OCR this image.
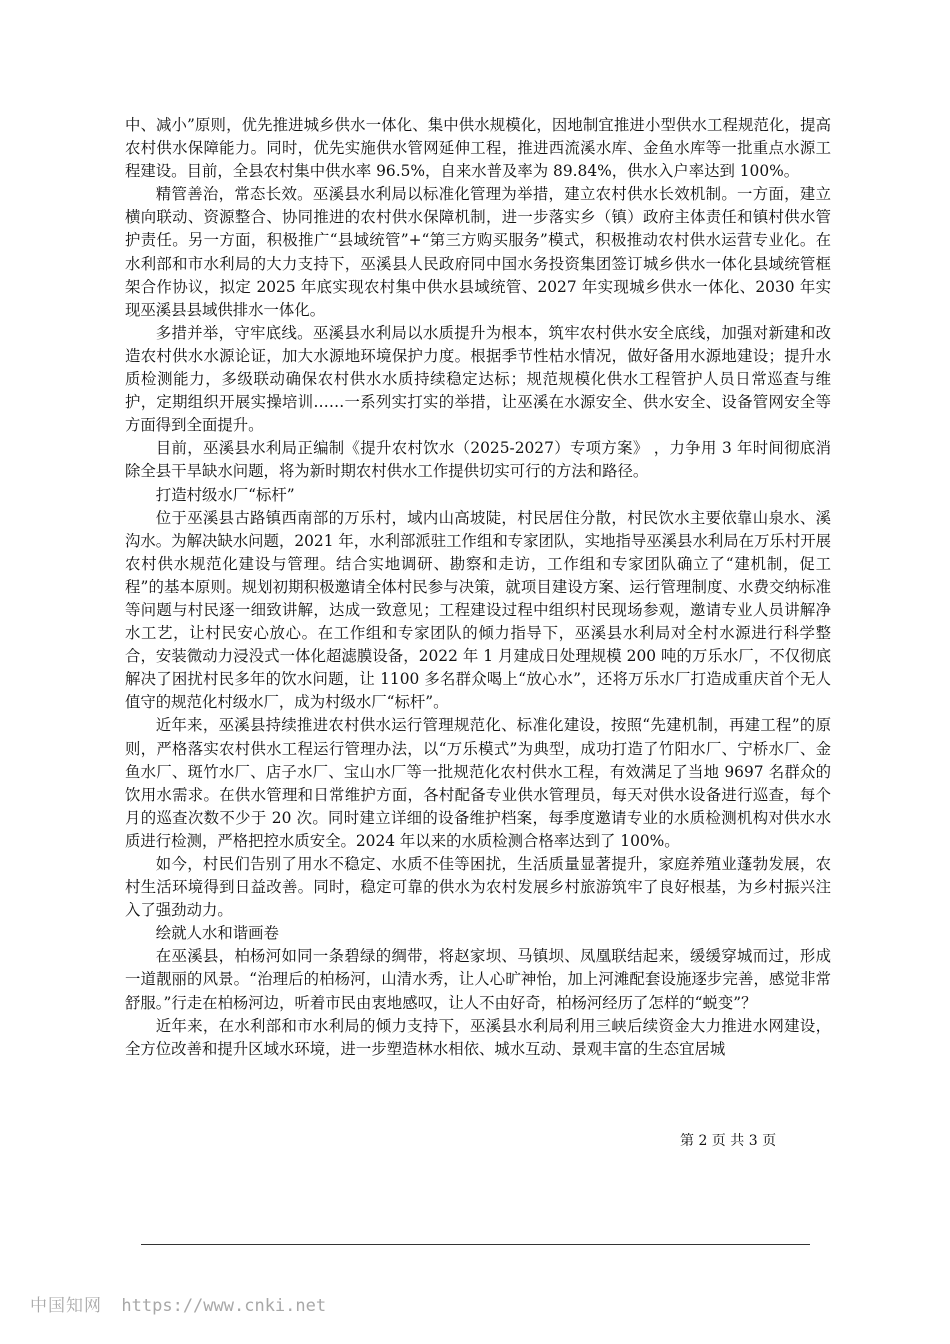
中、减小”原则，优先推进城乡供水一体化、集中供水规模化，因地制宜推进小型供水工程规范化，提高农村供水保障能力。同时，优先实施供水管网延伸工程，推进西流溪水库、金鱼水库等一批重点水源工程建设。目前，全县农村集中供水率 96.5%，自来水普及率为 89.84%，供水入户率达到 100%。

精管善治，常态长效。巫溪县水利局以标准化管理为举措，建立农村供水长效机制。一方面，建立横向联动、资源整合、协同推进的农村供水保障机制，进一步落实乡（镇）政府主体责任和镇村供水管护责任。另一方面，积极推广“县域统管”+“第三方购买服务”模式，积极推动农村供水运营专业化。在水利部和市水利局的大力支持下，巫溪县人民政府同中国水务投资集团签订城乡供水一体化县域统管框架合作协议，拟定 2025 年底实现农村集中供水县域统管、2027 年实现城乡供水一体化、2030 年实现巫溪县县域供排水一体化。

多措并举，守牢底线。巫溪县水利局以水质提升为根本，筑牢农村供水安全底线，加强对新建和改造农村供水水源论证，加大水源地环境保护力度。根据季节性枯水情况，做好备用水源地建设；提升水质检测能力，多级联动确保农村供水水质持续稳定达标；规范规模化供水工程管护人员日常巡查与维护，定期组织开展实操培训……一系列实打实的举措，让巫溪在水源安全、供水安全、设备管网安全等方面得到全面提升。

目前，巫溪县水利局正编制《提升农村饮水（2025-2027）专项方案》 ，力争用 3 年时间彻底消除全县干旱缺水问题，将为新时期农村供水工作提供切实可行的方法和路径。

打造村级水厂“标杆”

位于巫溪县古路镇西南部的万乐村，域内山高坡陡，村民居住分散，村民饮水主要依靠山泉水、溪沟水。为解决缺水问题，2021 年，水利部派驻工作组和专家团队，实地指导巫溪县水利局在万乐村开展农村供水规范化建设与管理。结合实地调研、勘察和走访，工作组和专家团队确立了“建机制，促工程”的基本原则。规划初期积极邀请全体村民参与决策，就项目建设方案、运行管理制度、水费交纳标准等问题与村民逐一细致讲解，达成一致意见；工程建设过程中组织村民现场参观，邀请专业人员讲解净水工艺，让村民安心放心。在工作组和专家团队的倾力指导下，巫溪县水利局对全村水源进行科学整合，安装微动力浸没式一体化超滤膜设备，2022 年 1 月建成日处理规模 200 吨的万乐水厂，不仅彻底解决了困扰村民多年的饮水问题，让 1100 多名群众喝上“放心水”，还将万乐水厂打造成重庆首个无人值守的规范化村级水厂，成为村级水厂“标杆”。

近年来，巫溪县持续推进农村供水运行管理规范化、标准化建设，按照“先建机制，再建工程”的原则，严格落实农村供水工程运行管理办法，以“万乐模式”为典型，成功打造了竹阳水厂、宁桥水厂、金鱼水厂、斑竹水厂、店子水厂、宝山水厂等一批规范化农村供水工程，有效满足了当地 9697 名群众的饮用水需求。在供水管理和日常维护方面，各村配备专业供水管理员，每天对供水设备进行巡查，每个月的巡查次数不少于 20 次。同时建立详细的设备维护档案，每季度邀请专业的水质检测机构对供水水质进行检测，严格把控水质安全。2024 年以来的水质检测合格率达到了 100%。

如今，村民们告别了用水不稳定、水质不佳等困扰，生活质量显著提升，家庭养殖业蓬勃发展，农村生活环境得到日益改善。同时，稳定可靠的供水为农村发展乡村旅游筑牢了良好根基，为乡村振兴注入了强劲动力。

绘就人水和谐画卷

在巫溪县，柏杨河如同一条碧绿的绸带，将赵家坝、马镇坝、凤凰联结起来，缓缓穿城而过，形成一道靓丽的风景。“治理后的柏杨河，山清水秀，让人心旷神怡，加上河滩配套设施逐步完善，感觉非常舒服。”行走在柏杨河边，听着市民由衷地感叹，让人不由好奇，柏杨河经历了怎样的“蜕变”？

近年来，在水利部和市水利局的倾力支持下，巫溪县水利局利用三峡后续资金大力推进水网建设，全方位改善和提升区域水环境，进一步塑造林水相依、城水互动、景观丰富的生态宜居城

第 2 页 共 3 页
中国知网 https://www.cnki.net
